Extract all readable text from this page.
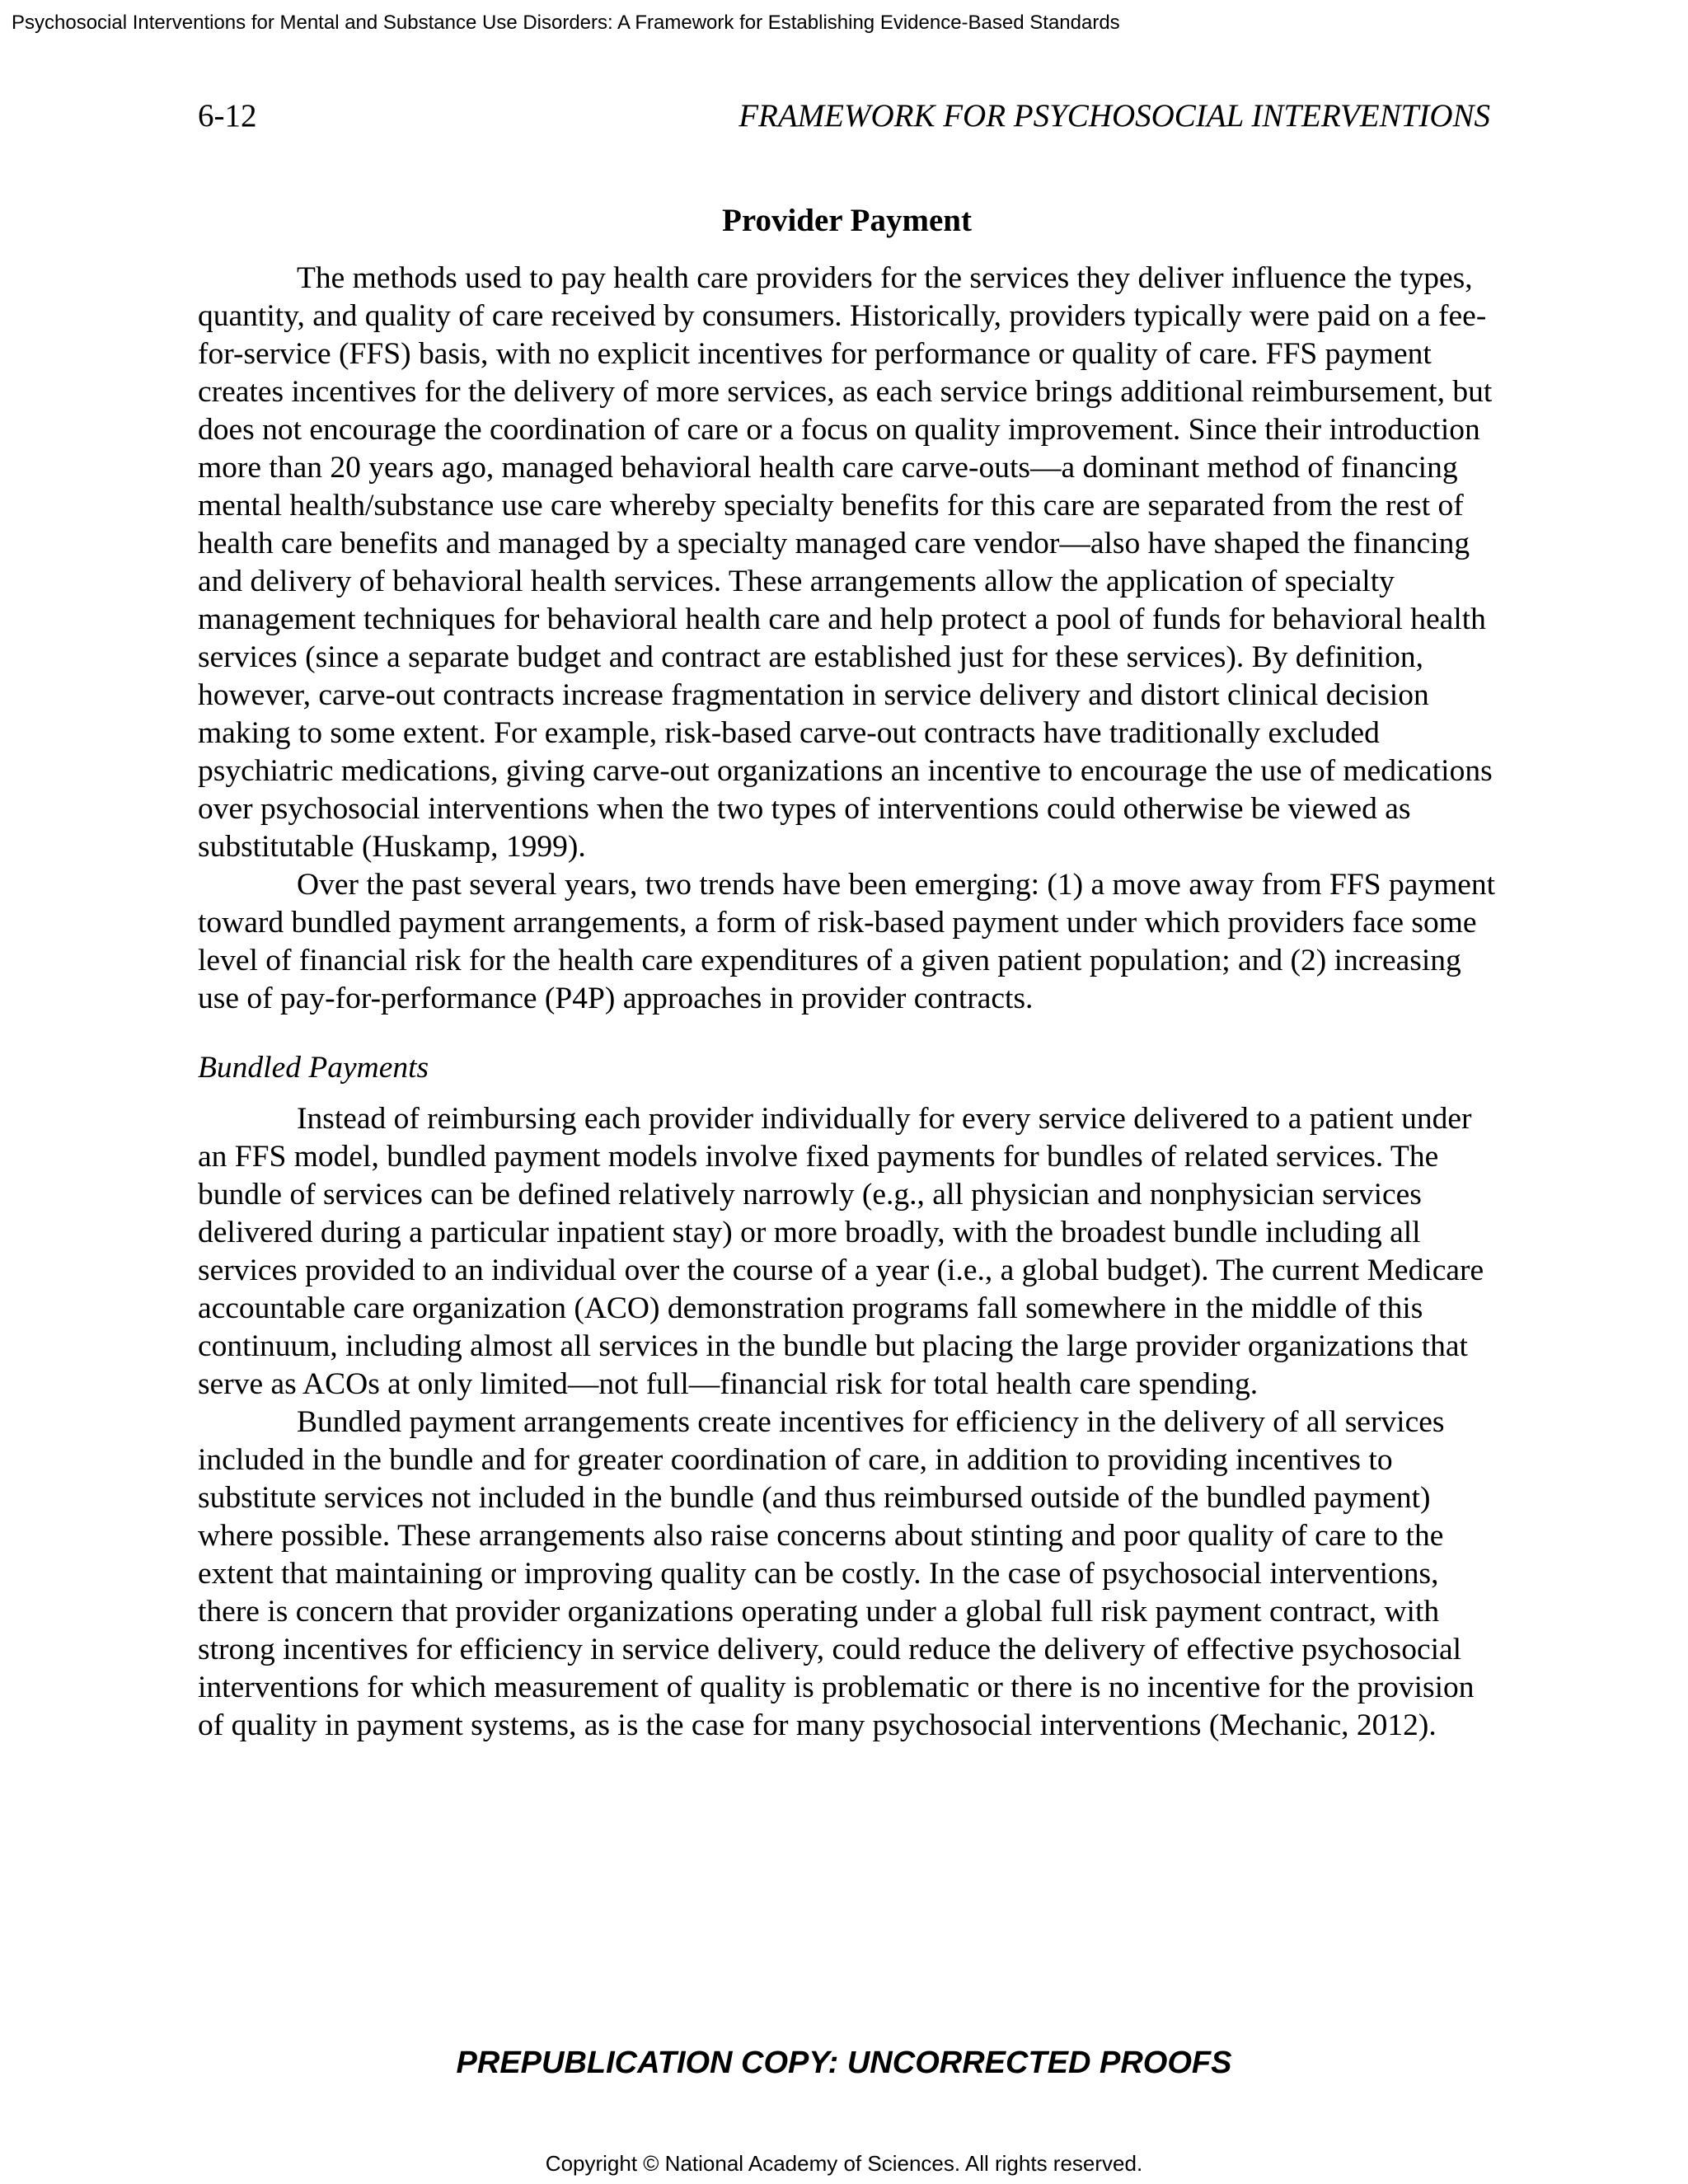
Psychosocial Interventions for Mental and Substance Use Disorders: A Framework for Establishing Evidence-Based Standards
6-12	FRAMEWORK FOR PSYCHOSOCIAL INTERVENTIONS
Provider Payment

The methods used to pay health care providers for the services they deliver influence the types, quantity, and quality of care received by consumers. Historically, providers typically were paid on a fee-for-service (FFS) basis, with no explicit incentives for performance or quality of care. FFS payment creates incentives for the delivery of more services, as each service brings additional reimbursement, but does not encourage the coordination of care or a focus on quality improvement. Since their introduction more than 20 years ago, managed behavioral health care carve-outs—a dominant method of financing mental health/substance use care whereby specialty benefits for this care are separated from the rest of health care benefits and managed by a specialty managed care vendor—also have shaped the financing and delivery of behavioral health services. These arrangements allow the application of specialty management techniques for behavioral health care and help protect a pool of funds for behavioral health services (since a separate budget and contract are established just for these services). By definition, however, carve-out contracts increase fragmentation in service delivery and distort clinical decision making to some extent. For example, risk-based carve-out contracts have traditionally excluded psychiatric medications, giving carve-out organizations an incentive to encourage the use of medications over psychosocial interventions when the two types of interventions could otherwise be viewed as substitutable (Huskamp, 1999).

Over the past several years, two trends have been emerging: (1) a move away from FFS payment toward bundled payment arrangements, a form of risk-based payment under which providers face some level of financial risk for the health care expenditures of a given patient population; and (2) increasing use of pay-for-performance (P4P) approaches in provider contracts.

Bundled Payments

Instead of reimbursing each provider individually for every service delivered to a patient under an FFS model, bundled payment models involve fixed payments for bundles of related services. The bundle of services can be defined relatively narrowly (e.g., all physician and nonphysician services delivered during a particular inpatient stay) or more broadly, with the broadest bundle including all services provided to an individual over the course of a year (i.e., a global budget). The current Medicare accountable care organization (ACO) demonstration programs fall somewhere in the middle of this continuum, including almost all services in the bundle but placing the large provider organizations that serve as ACOs at only limited—not full—financial risk for total health care spending.

Bundled payment arrangements create incentives for efficiency in the delivery of all services included in the bundle and for greater coordination of care, in addition to providing incentives to substitute services not included in the bundle (and thus reimbursed outside of the bundled payment) where possible. These arrangements also raise concerns about stinting and poor quality of care to the extent that maintaining or improving quality can be costly. In the case of psychosocial interventions, there is concern that provider organizations operating under a global full risk payment contract, with strong incentives for efficiency in service delivery, could reduce the delivery of effective psychosocial interventions for which measurement of quality is problematic or there is no incentive for the provision of quality in payment systems, as is the case for many psychosocial interventions (Mechanic, 2012).

PREPUBLICATION COPY: UNCORRECTED PROOFS
Copyright © National Academy of Sciences. All rights reserved.
